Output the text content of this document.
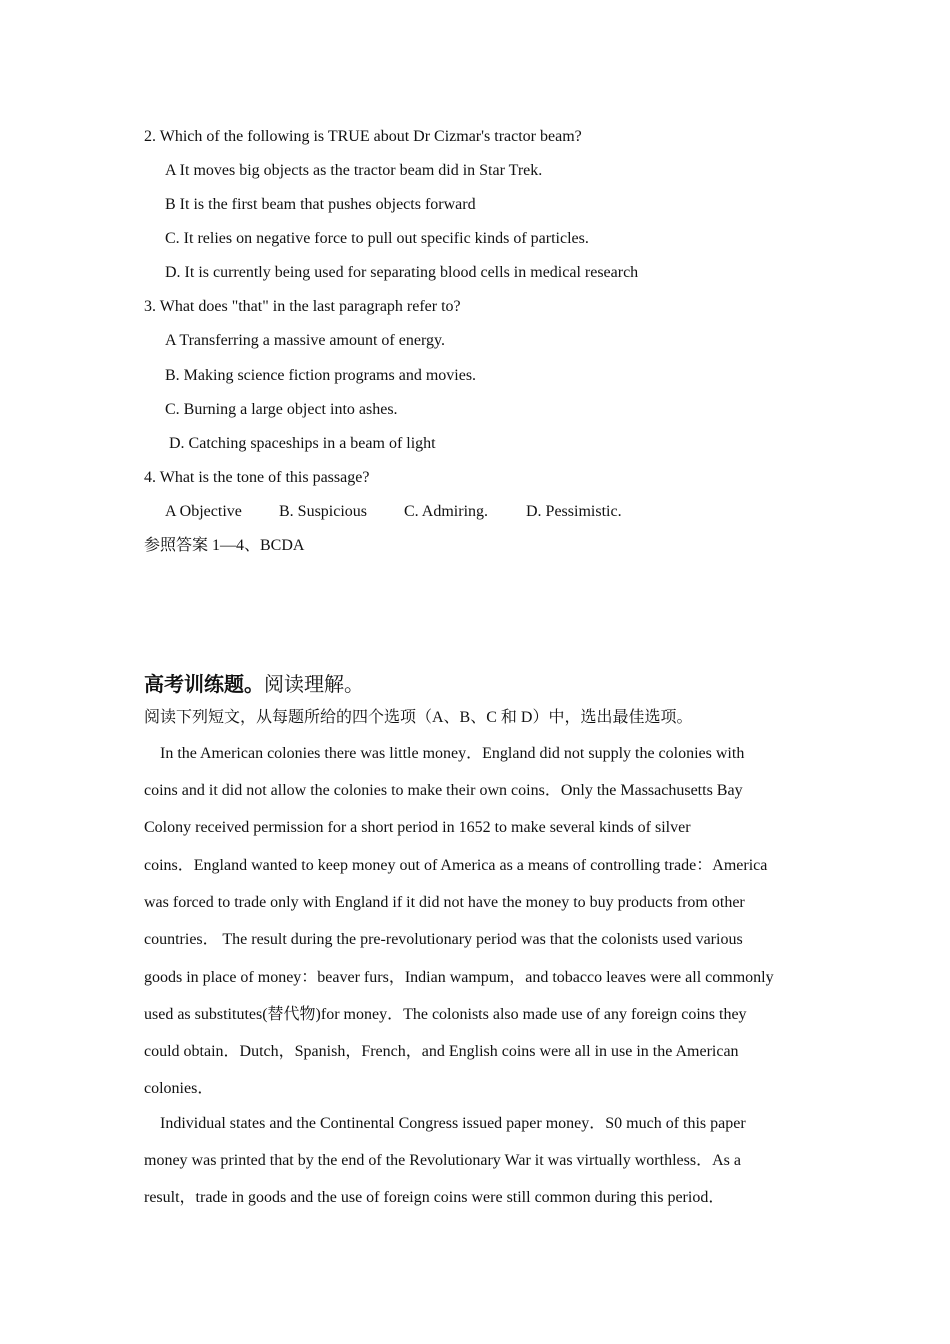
2. Which of the following is TRUE about Dr Cizmar's tractor beam?
A It moves big objects as the tractor beam did in Star Trek.
B It is the first beam that pushes objects forward
C. It relies on negative force to pull out specific kinds of particles.
D. It is currently being used for separating blood cells in medical research
3. What does "that" in the last paragraph refer to?
A Transferring a massive amount of energy.
B. Making science fiction programs and movies.
C. Burning a large object into ashes.
D. Catching spaceships in a beam of light
4. What is the tone of this passage?
A Objective B. Suspicious C. Admiring. D. Pessimistic.
参照答案 1—4、BCDA
高考训练题。阅读理解。
阅读下列短文，从每题所给的四个选项（A、B、C 和 D）中，选出最佳选项。
In the American colonies there was little money．England did not supply the colonies with
coins and it did not allow the colonies to make their own coins．Only the Massachusetts Bay
Colony received permission for a short period in 1652 to make several kinds of silver
coins．England wanted to keep money out of America as a means of controlling trade：America
was forced to trade only with England if it did not have the money to buy products from other
countries． The result during the pre-revolutionary period was that the colonists used various
goods in place of money：beaver furs，Indian wampum，and tobacco leaves were all commonly
used as substitutes(替代物)for money．The colonists also made use of any foreign coins they
could obtain．Dutch，Spanish，French，and English coins were all in use in the American
colonies．
Individual states and the Continental Congress issued paper money．S0 much of this paper
money was printed that by the end of the Revolutionary War it was virtually worthless．As a
result，trade in goods and the use of foreign coins were still common during this period．
